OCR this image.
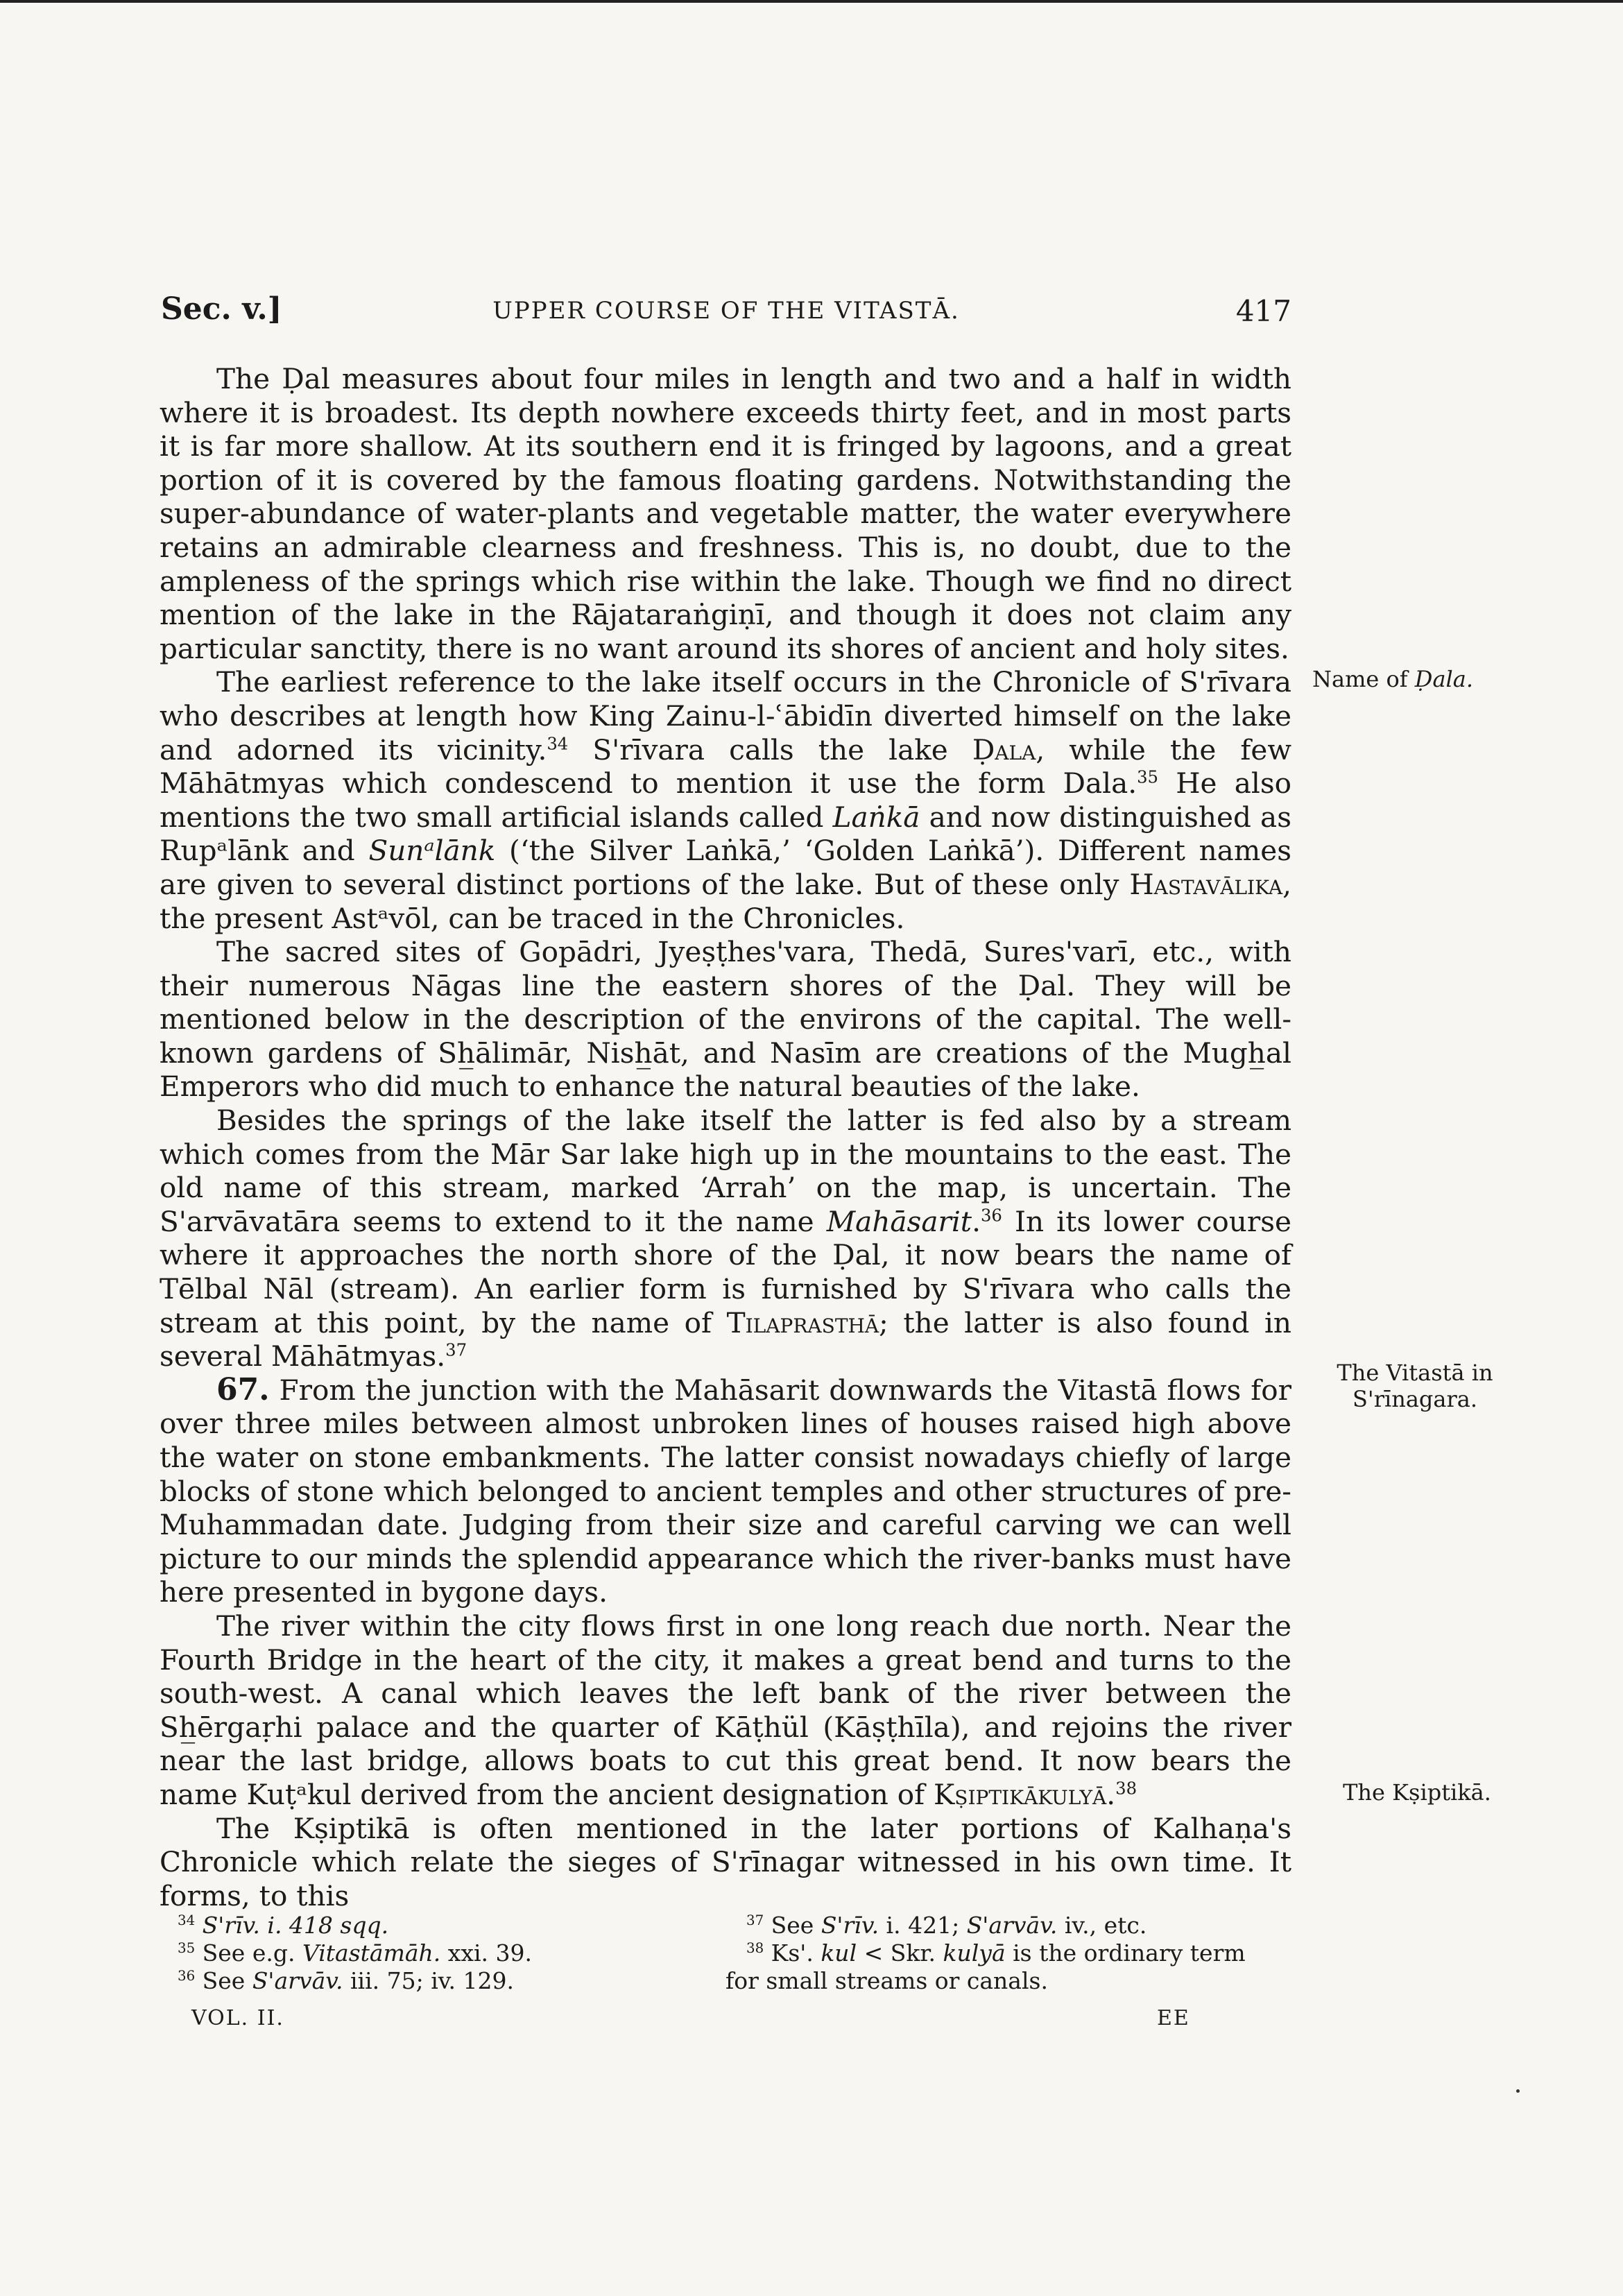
Sec. v.]	UPPER COURSE OF THE VITASTĀ.	417

The Ḍal measures about four miles in length and two and a half in width where it is broadest. Its depth nowhere exceeds thirty feet, and in most parts it is far more shallow. At its southern end it is fringed by lagoons, and a great portion of it is covered by the famous floating gardens. Notwithstanding the super-abundance of water-plants and vegetable matter, the water everywhere retains an admirable clearness and freshness. This is, no doubt, due to the ampleness of the springs which rise within the lake. Though we find no direct mention of the lake in the Rājataraṅgiṇī, and though it does not claim any particular sanctity, there is no want around its shores of ancient and holy sites.

The earliest reference to the lake itself occurs in the Chronicle of S'rīvara who describes at length how King Zainu-l-ʿābidīn diverted himself on the lake and adorned its vicinity.$^{34}$ S'rīvara calls the lake Ḍala, while the few Māhātmyas which condescend to mention it use the form Dala.$^{35}$ He also mentions the two small artificial islands called Laṅkā and now distinguished as Rupᵃlānk and Sunᵃlānk (‘the Silver Laṅkā,’ ‘Golden Laṅkā’). Different names are given to several distinct portions of the lake. But of these only Hastavālika, the present Astᵃvōl, can be traced in the Chronicles.

The sacred sites of Gopādri, Jyeṣṭhes'vara, Thedā, Sures'varī, etc., with their numerous Nāgas line the eastern shores of the Ḍal. They will be mentioned below in the description of the environs of the capital. The well-known gardens of Sh̲ālimār, Nish̲āt, and Nasīm are creations of the Mugh̲al Emperors who did much to enhance the natural beauties of the lake.

Besides the springs of the lake itself the latter is fed also by a stream which comes from the Mār Sar lake high up in the mountains to the east. The old name of this stream, marked ‘Arrah’ on the map, is uncertain. The S'arvāvatāra seems to extend to it the name Mahāsarit.$^{36}$ In its lower course where it approaches the north shore of the Ḍal, it now bears the name of Tēlbal Nāl (stream). An earlier form is furnished by S'rīvara who calls the stream at this point, by the name of Tilaprasthā; the latter is also found in several Māhātmyas.$^{37}$

67. From the junction with the Mahāsarit downwards the Vitastā flows for over three miles between almost unbroken lines of houses raised high above the water on stone embankments. The latter consist nowadays chiefly of large blocks of stone which belonged to ancient temples and other structures of pre-Muhammadan date. Judging from their size and careful carving we can well picture to our minds the splendid appearance which the river-banks must have here presented in bygone days.

The river within the city flows first in one long reach due north. Near the Fourth Bridge in the heart of the city, it makes a great bend and turns to the south-west. A canal which leaves the left bank of the river between the Sh̲ērgaṛhi palace and the quarter of Kāṭhül (Kāṣṭhīla), and rejoins the river near the last bridge, allows boats to cut this great bend. It now bears the name Kuṭᵃkul derived from the ancient designation of Kṣiptikākulyā.$^{38}$

The Kṣiptikā is often mentioned in the later portions of Kalhaṇa's Chronicle which relate the sieges of S'rīnagar witnessed in his own time. It forms, to this

Name of Ḍala.
The Vitastā in
S'rīnagara.
The Kṣiptikā.
$^{34}$ S'rīv. i. 418 sqq.
$^{35}$ See e.g. Vitastāmāh. xxi. 39.
$^{36}$ See S'arvāv. iii. 75; iv. 129.
$^{37}$ See S'rīv. i. 421; S'arvāv. iv., etc.
$^{38}$ Ks'. kul < Skr. kulyā is the ordinary term
for small streams or canals.
VOL. II.	EE
